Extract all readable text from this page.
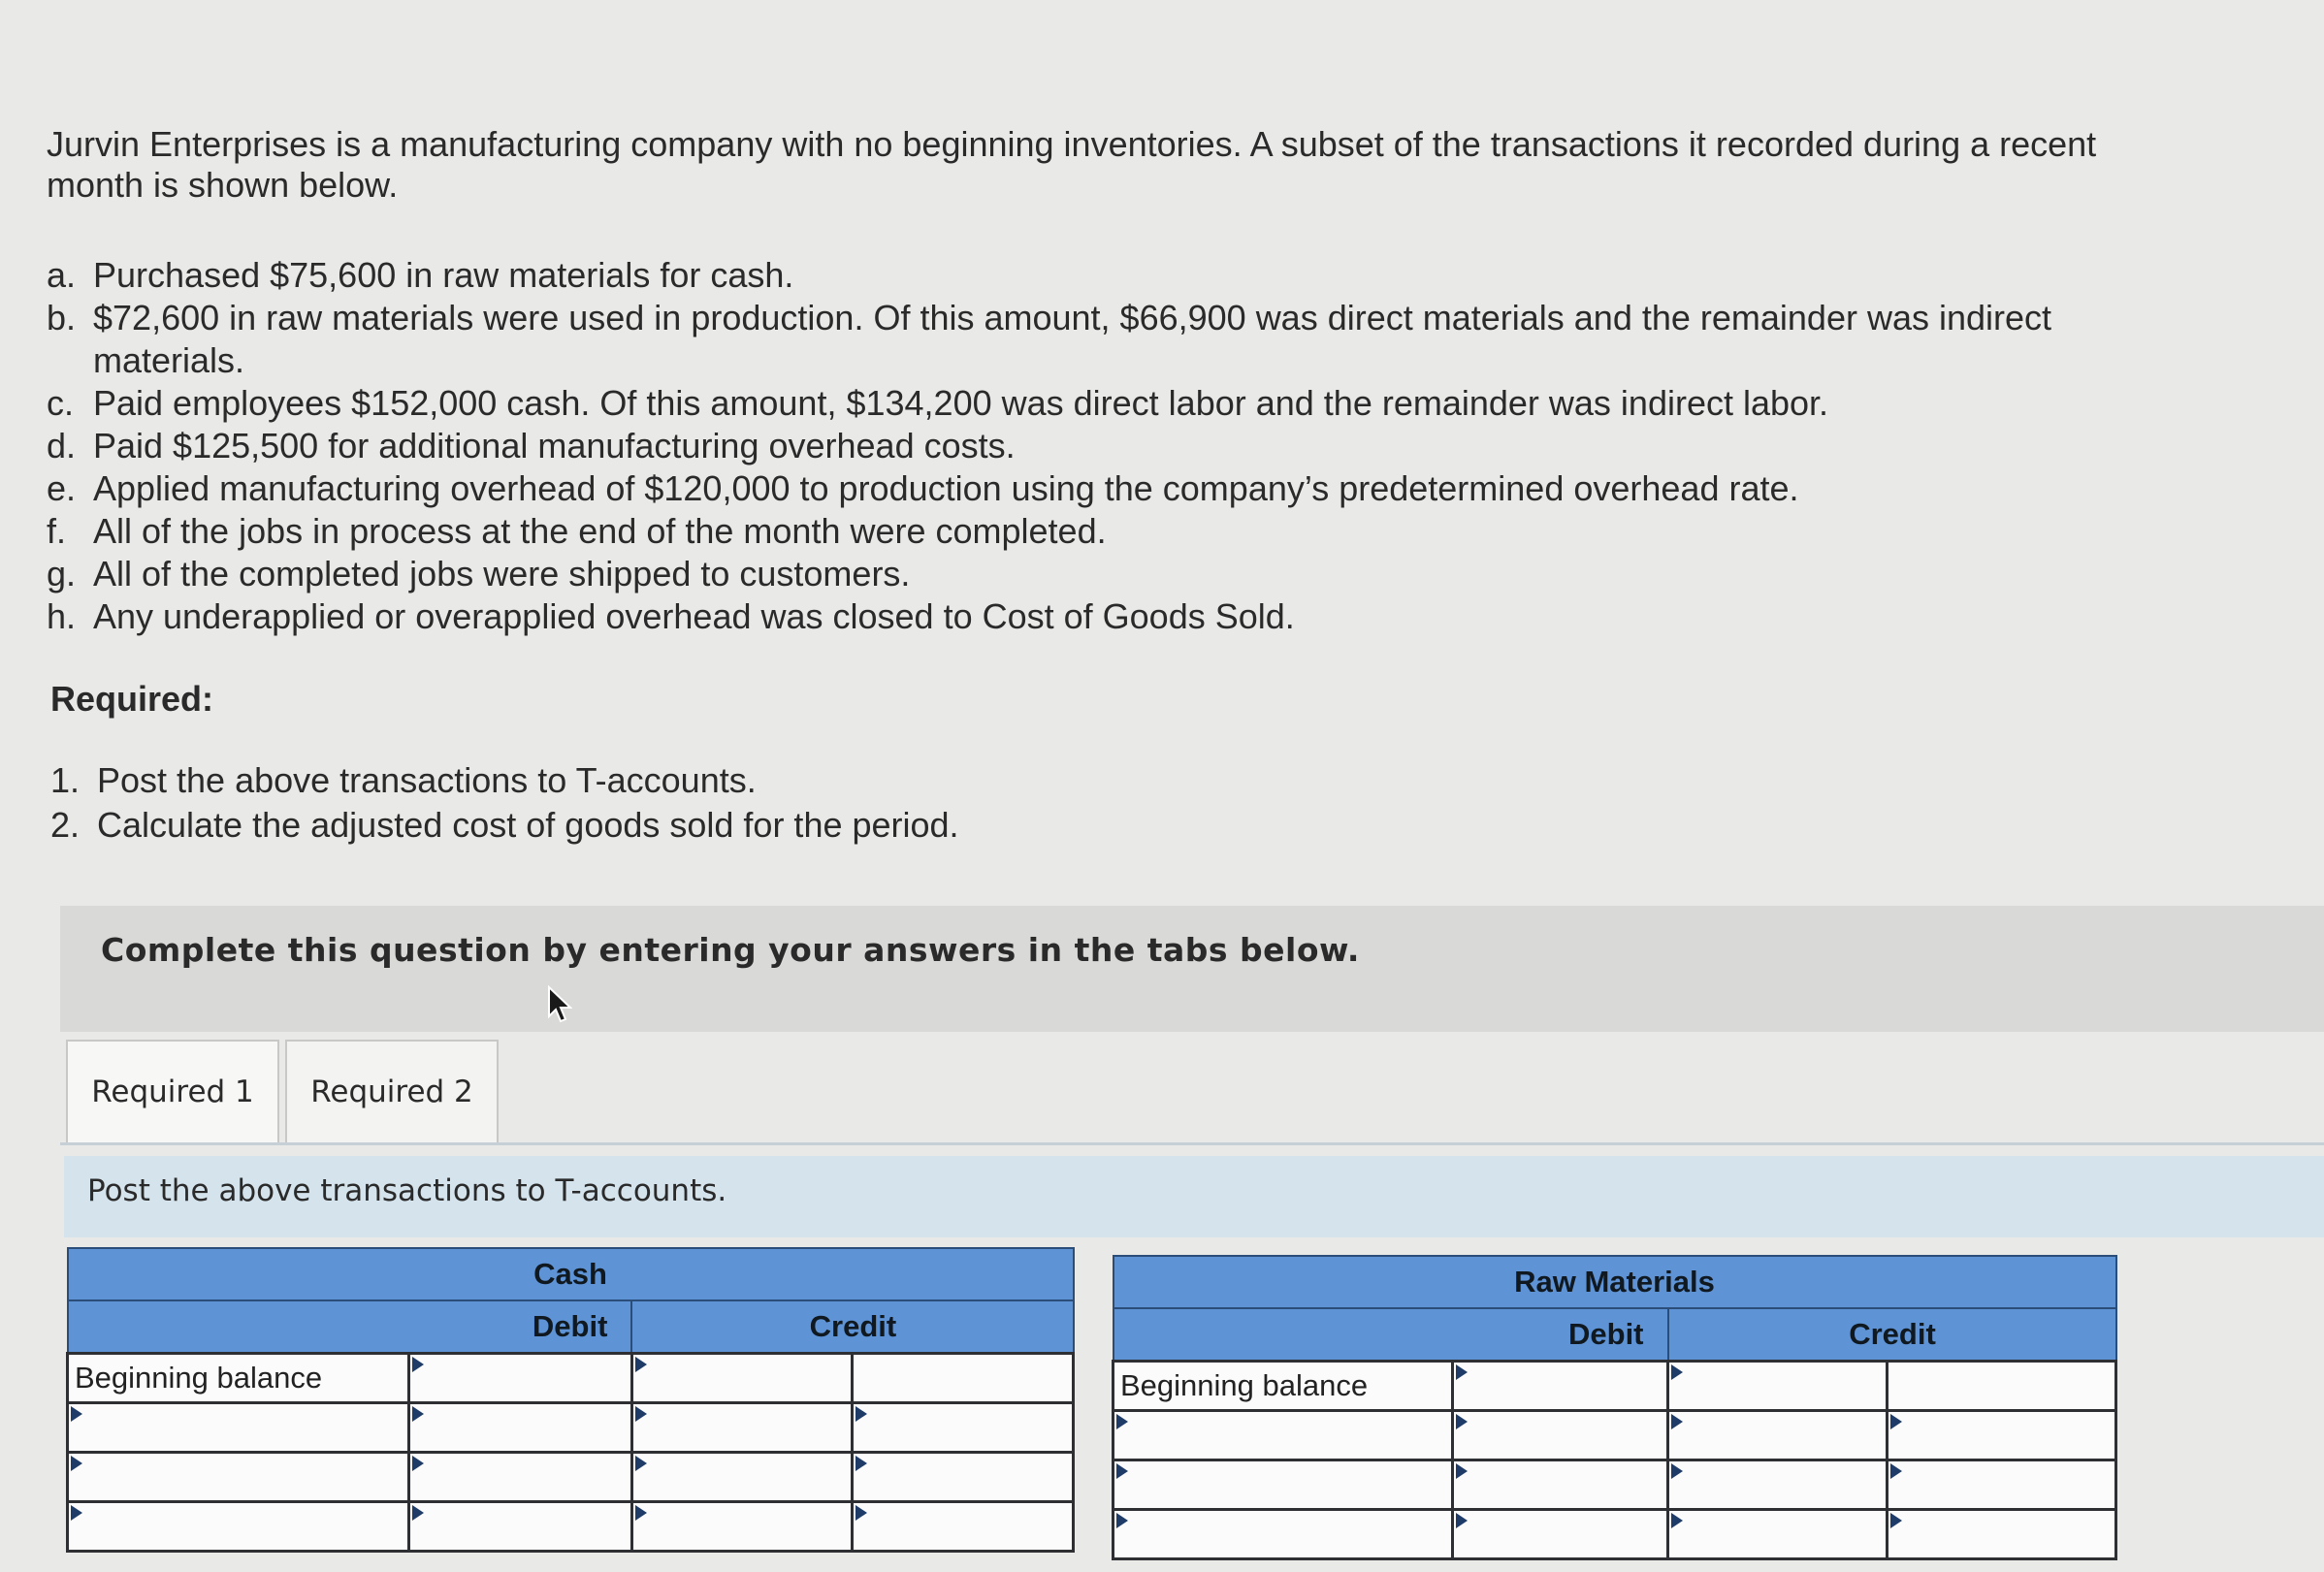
Jurvin Enterprises is a manufacturing company with no beginning inventories. A subset of the transactions it recorded during a recent month is shown below.
a. Purchased $75,600 in raw materials for cash.
b. $72,600 in raw materials were used in production. Of this amount, $66,900 was direct materials and the remainder was indirect materials.
c. Paid employees $152,000 cash. Of this amount, $134,200 was direct labor and the remainder was indirect labor.
d. Paid $125,500 for additional manufacturing overhead costs.
e. Applied manufacturing overhead of $120,000 to production using the company’s predetermined overhead rate.
f. All of the jobs in process at the end of the month were completed.
g. All of the completed jobs were shipped to customers.
h. Any underapplied or overapplied overhead was closed to Cost of Goods Sold.
Required:
1. Post the above transactions to T-accounts.
2. Calculate the adjusted cost of goods sold for the period.
Complete this question by entering your answers in the tabs below.
Required 1	Required 2
Post the above transactions to T-accounts.
Cash			
Debit		Credit	
Beginning balance	

Raw Materials			
Debit		Credit	
Beginning balance	
